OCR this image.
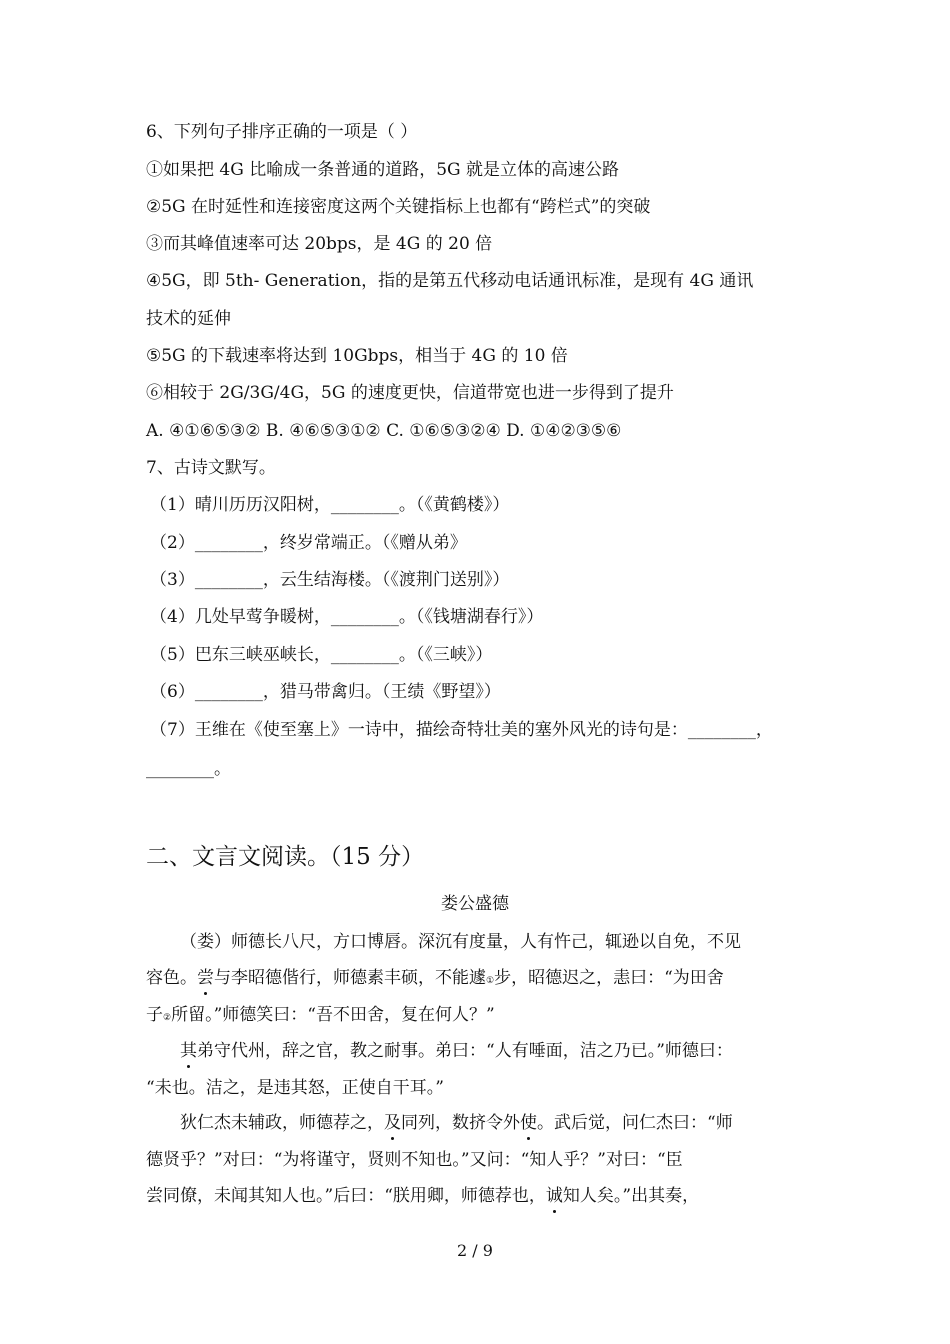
6、下列句子排序正确的一项是（ ）
①如果把 4G 比喻成一条普通的道路，5G 就是立体的高速公路
②5G 在时延性和连接密度这两个关键指标上也都有“跨栏式”的突破
③而其峰值速率可达 20bps，是 4G 的 20 倍
④5G，即 5th- Generation，指的是第五代移动电话通讯标准，是现有 4G 通讯
技术的延伸
⑤5G 的下载速率将达到 10Gbps，相当于 4G 的 10 倍
⑥相较于 2G/3G/4G，5G 的速度更快，信道带宽也进一步得到了提升
A. ④①⑥⑤③② B. ④⑥⑤③①② C. ①⑥⑤③②④ D. ①④②③⑤⑥
7、古诗文默写。
（1）晴川历历汉阳树，________。（《黄鹤楼》）
（2）________，终岁常端正。（《赠从弟》
（3）________，云生结海楼。（《渡荆门送别》）
（4）几处早莺争暖树，________。（《钱塘湖春行》）
（5）巴东三峡巫峡长，________。（《三峡》）
（6）________，猎马带禽归。（王绩《野望》）
（7）王维在《使至塞上》一诗中，描绘奇特壮美的塞外风光的诗句是：________，
________。
二、文言文阅读。（15 分）
娄公盛德
（娄）师德长八尺，方口博唇。深沉有度量，人有忤己，辄逊以自免，不见
容色。尝与李昭德偕行，师德素丰硕，不能遽①步，昭德迟之，恚曰：“为田舍
子②所留。”师德笑曰：“吾不田舍，复在何人？”
其弟守代州，辞之官，教之耐事。弟曰：“人有唾面，洁之乃已。”师德曰：
“未也。洁之，是违其怒，正使自干耳。”
狄仁杰未辅政，师德荐之，及同列，数挤令外使。武后觉，问仁杰曰：“师
德贤乎？”对曰：“为将谨守，贤则不知也。”又问：“知人乎？”对曰：“臣
尝同僚，未闻其知人也。”后曰：“朕用卿，师德荐也，诚知人矣。”出其奏，
2 / 9
